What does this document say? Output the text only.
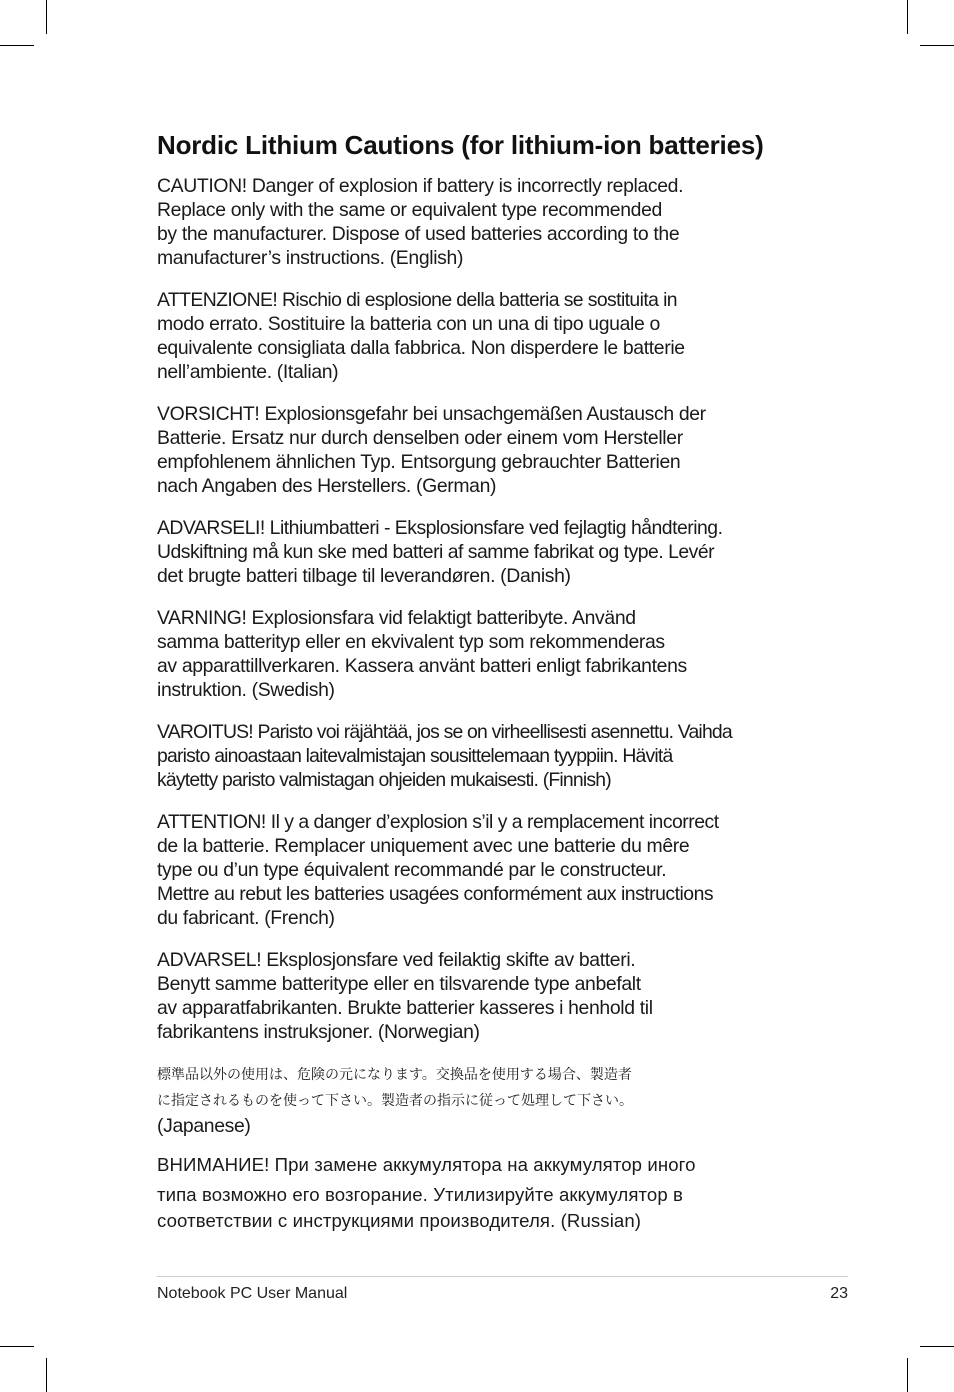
Nordic Lithium Cautions (for lithium-ion batteries)
CAUTION! Danger of explosion if battery is incorrectly replaced.
Replace only with the same or equivalent type recommended
by the manufacturer. Dispose of used batteries according to the
manufacturer’s instructions. (English)
ATTENZIONE! Rischio di esplosione della batteria se sostituita in
modo errato. Sostituire la batteria con un una di tipo uguale o
equivalente consigliata dalla fabbrica. Non disperdere le batterie
nell’ambiente. (Italian)
VORSICHT! Explosionsgefahr bei unsachgemäßen Austausch der
Batterie. Ersatz nur durch denselben oder einem vom Hersteller
empfohlenem ähnlichen Typ. Entsorgung gebrauchter Batterien
nach Angaben des Herstellers. (German)
ADVARSELI! Lithiumbatteri - Eksplosionsfare ved fejlagtig håndtering.
Udskiftning må kun ske med batteri af samme fabrikat og type. Levér
det brugte batteri tilbage til leverandøren. (Danish)
VARNING! Explosionsfara vid felaktigt batteribyte. Använd
samma batterityp eller en ekvivalent typ som rekommenderas
av apparattillverkaren. Kassera använt batteri enligt fabrikantens
instruktion. (Swedish)
VAROITUS! Paristo voi räjähtää, jos se on virheellisesti asennettu. Vaihda
paristo ainoastaan laitevalmistajan sousittelemaan tyyppiin. Hävitä
käytetty paristo valmistagan ohjeiden mukaisesti. (Finnish)
ATTENTION! Il y a danger d’explosion s’il y a remplacement incorrect
de la batterie. Remplacer uniquement avec une batterie du mêre
type ou d’un type équivalent recommandé par le constructeur.
Mettre au rebut les batteries usagées conformément aux instructions
du fabricant. (French)
ADVARSEL! Eksplosjonsfare ved feilaktig skifte av batteri.
Benytt samme batteritype eller en tilsvarende type anbefalt
av apparatfabrikanten. Brukte batterier kasseres i henhold til
fabrikantens instruksjoner. (Norwegian)
標準品以外の使用は、危険の元になります。交換品を使用する場合、製造者
に指定されるものを使って下さい。製造者の指示に従って処理して下さい。
(Japanese)
ВНИМАНИЕ! При замене аккумулятора на аккумулятор иного
типа возможно его возгорание. Утилизируйте аккумулятор в
соответствии с инструкциями производителя. (Russian)
Notebook PC User Manual	23
